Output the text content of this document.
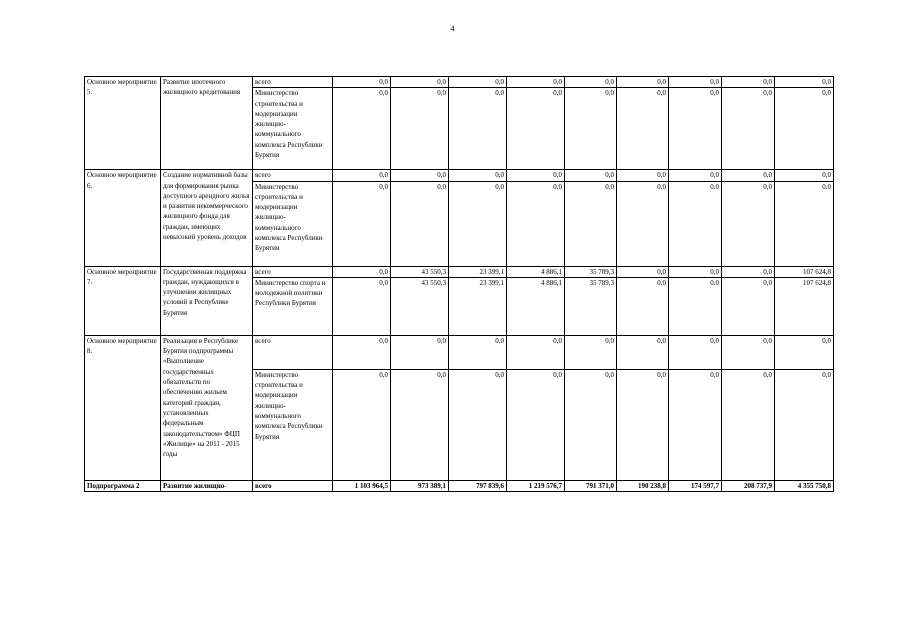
4
Основное мероприятие 5.	Развитие ипотечного жилищного кредитования	всего	0,0	0,0	0,0	0,0	0,0	0,0	0,0	0,0	0,0
		Министерство строительства и модернизации жилищно-коммунального комплекса Республики Бурятия	0,0	0,0	0,0	0,0	0,0	0,0	0,0	0,0	0,0
Основное мероприятие 6.	Создание нормативной базы для формирования рынка доступного арендного жилья и развития некоммерческого жилищного фонда для граждан, имеющих невысокий уровень доходов	всего	0,0	0,0	0,0	0,0	0,0	0,0	0,0	0,0	0,0
		Министерство строительства и модернизации жилищно-коммунального комплекса Республики Бурятия	0,0	0,0	0,0	0,0	0,0	0,0	0,0	0,0	0,0
Основное мероприятие 7.	Государственная поддержка граждан, нуждающихся в улучшении жилищных условий в Республике Бурятия	всего	0,0	43 550,3	23 399,1	4 886,1	35 789,3	0,0	0,0	0,0	107 624,8
		Министерство спорта и молодежной политики Республики Бурятия	0,0	43 550,3	23 399,1	4 886,1	35 789,3	0,0	0,0	0,0	107 624,8
Основное мероприятие 8.	Реализация в Республике Бурятия подпрограммы «Выполнение государственных обязательств по обеспечению жильем категорий граждан, установленных федеральным законодательством» ФЦП «Жилище» на 2011 - 2015 годы	всего	0,0	0,0	0,0	0,0	0,0	0,0	0,0	0,0	0,0
		Министерство строительства и модернизации жилищно-коммунального комплекса Республики Бурятия	0,0	0,0	0,0	0,0	0,0	0,0	0,0	0,0	0,0
Подпрограмма 2	Развитие жилищно-	всего	1 103 964,5	973 389,1	797 839,6	1 219 576,7	791 371,0	190 238,8	174 597,7	208 737,9	4 355 750,8
